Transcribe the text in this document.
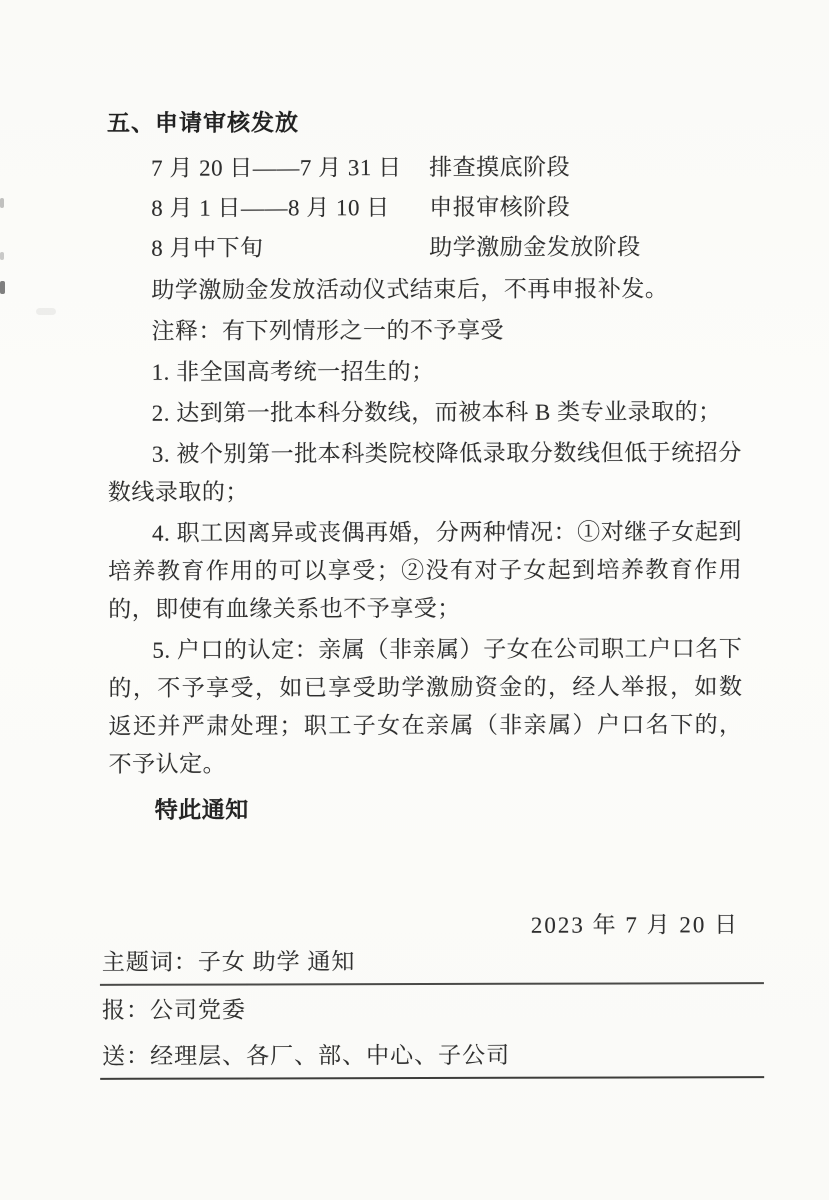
五、申请审核发放
7 月 20 日——7 月 31 日	排查摸底阶段
8 月 1 日——8 月 10 日	申报审核阶段
8 月中下旬	助学激励金发放阶段

助学激励金发放活动仪式结束后，不再申报补发。

注释：有下列情形之一的不予享受

1. 非全国高考统一招生的；

2. 达到第一批本科分数线，而被本科 B 类专业录取的；

3. 被个别第一批本科类院校降低录取分数线但低于统招分数线录取的；

4. 职工因离异或丧偶再婚，分两种情况：①对继子女起到培养教育作用的可以享受；②没有对子女起到培养教育作用的，即使有血缘关系也不予享受；

5. 户口的认定：亲属（非亲属）子女在公司职工户口名下的，不予享受，如已享受助学激励资金的，经人举报，如数返还并严肃处理；职工子女在亲属（非亲属）户口名下的，不予认定。

特此通知

2023 年 7 月 20 日

主题词：子女 助学 通知
报：公司党委
送：经理层、各厂、部、中心、子公司
